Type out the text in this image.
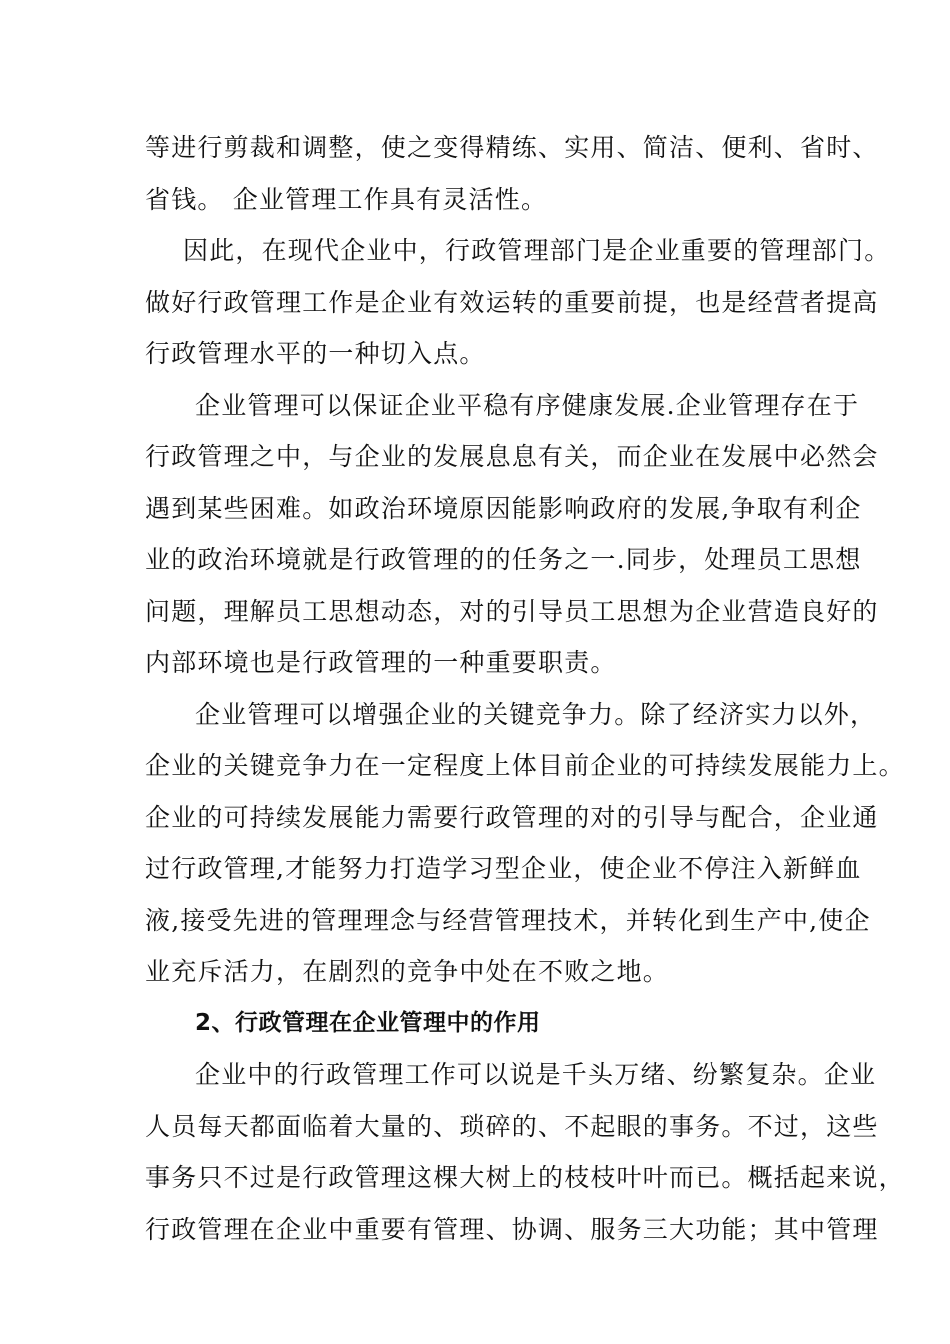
等进行剪裁和调整，使之变得精练、实用、简洁、便利、省时、
省钱。 企业管理工作具有灵活性。
因此，在现代企业中，行政管理部门是企业重要的管理部门。
做好行政管理工作是企业有效运转的重要前提，也是经营者提高
行政管理水平的一种切入点。
企业管理可以保证企业平稳有序健康发展.企业管理存在于
行政管理之中，与企业的发展息息有关，而企业在发展中必然会
遇到某些困难。如政治环境原因能影响政府的发展,争取有利企
业的政治环境就是行政管理的的任务之一.同步，处理员工思想
问题，理解员工思想动态，对的引导员工思想为企业营造良好的
内部环境也是行政管理的一种重要职责。
企业管理可以增强企业的关键竞争力。除了经济实力以外，
企业的关键竞争力在一定程度上体目前企业的可持续发展能力上。
企业的可持续发展能力需要行政管理的对的引导与配合，企业通
过行政管理,才能努力打造学习型企业，使企业不停注入新鲜血
液,接受先进的管理理念与经营管理技术，并转化到生产中,使企
业充斥活力，在剧烈的竞争中处在不败之地。
2、行政管理在企业管理中的作用
企业中的行政管理工作可以说是千头万绪、纷繁复杂。企业
人员每天都面临着大量的、琐碎的、不起眼的事务。不过，这些
事务只不过是行政管理这棵大树上的枝枝叶叶而已。概括起来说，
行政管理在企业中重要有管理、协调、服务三大功能；其中管理
